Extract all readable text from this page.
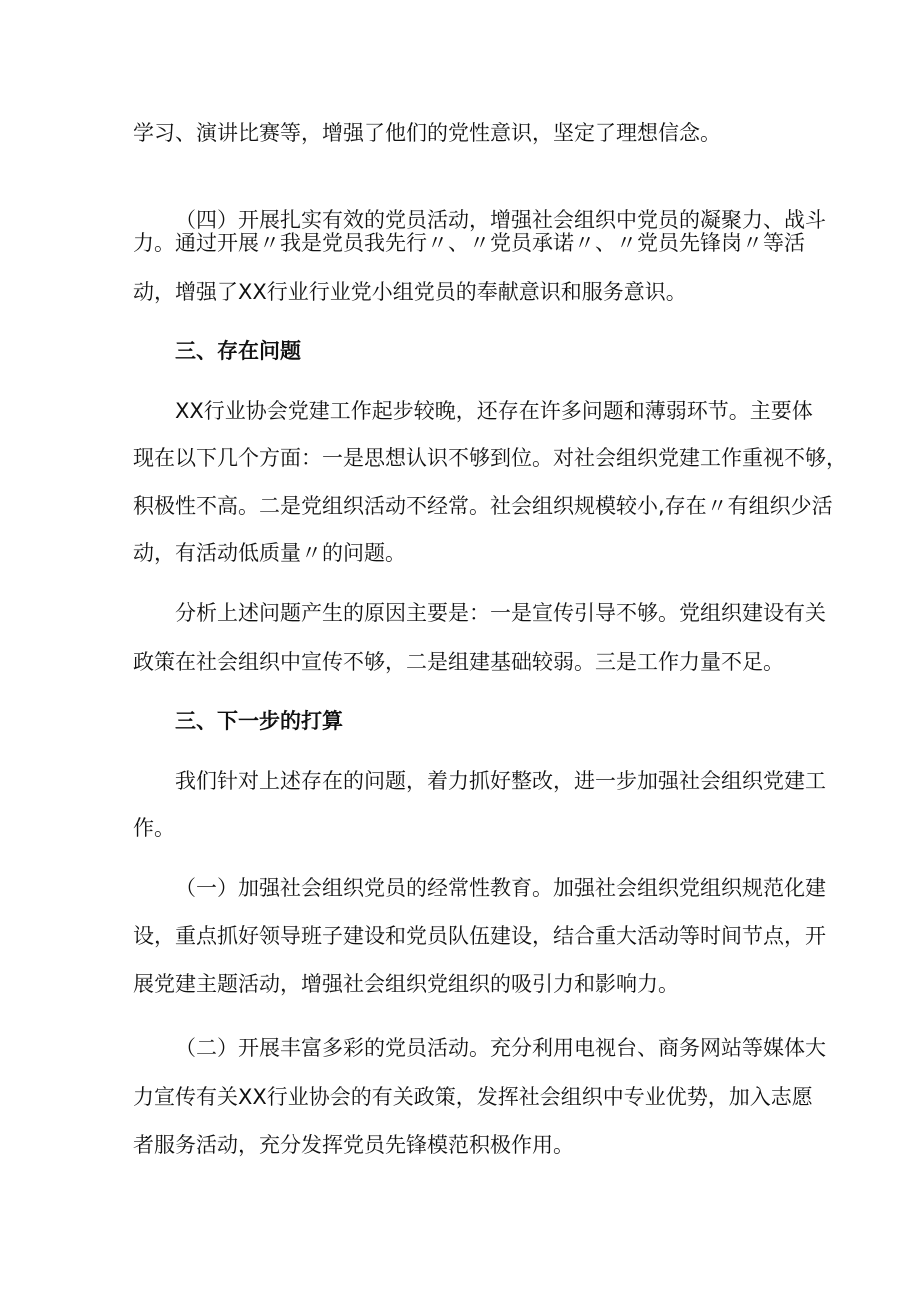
学习、演讲比赛等，增强了他们的党性意识，坚定了理想信念。
（四）开展扎实有效的党员活动，增强社会组织中党员的凝聚力、战斗
力。通过开展〃我是党员我先行〃、〃党员承诺〃、〃党员先锋岗〃等活
动，增强了XX行业行业党小组党员的奉献意识和服务意识。
三、存在问题
XX行业协会党建工作起步较晚，还存在许多问题和薄弱环节。主要体
现在以下几个方面：一是思想认识不够到位。对社会组织党建工作重视不够，
积极性不高。二是党组织活动不经常。社会组织规模较小,存在〃有组织少活
动，有活动低质量〃的问题。
分析上述问题产生的原因主要是：一是宣传引导不够。党组织建设有关
政策在社会组织中宣传不够，二是组建基础较弱。三是工作力量不足。
三、下一步的打算
我们针对上述存在的问题，着力抓好整改，进一步加强社会组织党建工
作。
（一）加强社会组织党员的经常性教育。加强社会组织党组织规范化建
设，重点抓好领导班子建设和党员队伍建设，结合重大活动等时间节点，开
展党建主题活动，增强社会组织党组织的吸引力和影响力。
（二）开展丰富多彩的党员活动。充分利用电视台、商务网站等媒体大
力宣传有关XX行业协会的有关政策，发挥社会组织中专业优势，加入志愿
者服务活动，充分发挥党员先锋模范积极作用。
